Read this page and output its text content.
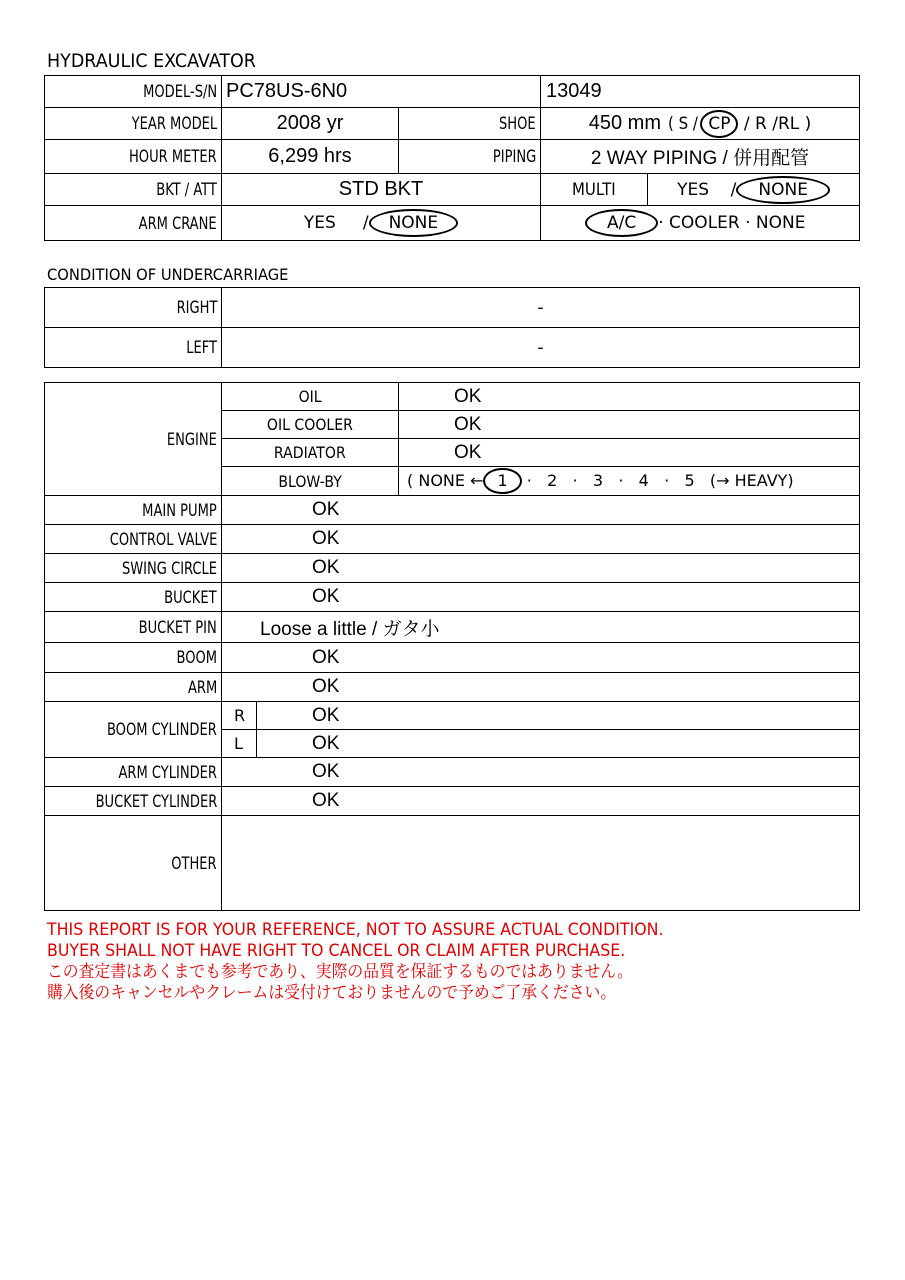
HYDRAULIC EXCAVATOR
MODEL-S/N	PC78US-6N0		13049	
YEAR MODEL	2008 yr	SHOE	450 mm ( S / CP / R /RL )	
HOUR METER	6,299 hrs	PIPING	2 WAY PIPING / 併用配管	
BKT / ATT	STD BKT		MULTI	YES / NONE
ARM CRANE	YES / NONE		A/C · COOLER · NONE	
CONDITION OF UNDERCARRIAGE
RIGHT	-
LEFT	-
ENGINE	OIL		OK
	OIL COOLER		OK
	RADIATOR		OK
	BLOW-BY		( NONE ← 1 ·   2   ·   3   ·   4   ·   5   (→ HEAVY)
MAIN PUMP	OK		
CONTROL VALVE	OK		
SWING CIRCLE	OK		
BUCKET	OK		
BUCKET PIN	Loose a little / ガタ小		
BOOM	OK		
ARM	OK		
BOOM CYLINDER	R	OK	
	L	OK	
ARM CYLINDER	OK		
BUCKET CYLINDER	OK		
OTHER			
THIS REPORT IS FOR YOUR REFERENCE, NOT TO ASSURE ACTUAL CONDITION.
BUYER SHALL NOT HAVE RIGHT TO CANCEL OR CLAIM AFTER PURCHASE.
この査定書はあくまでも参考であり、実際の品質を保証するものではありません。
購入後のキャンセルやクレームは受付けておりませんので予めご了承ください。
